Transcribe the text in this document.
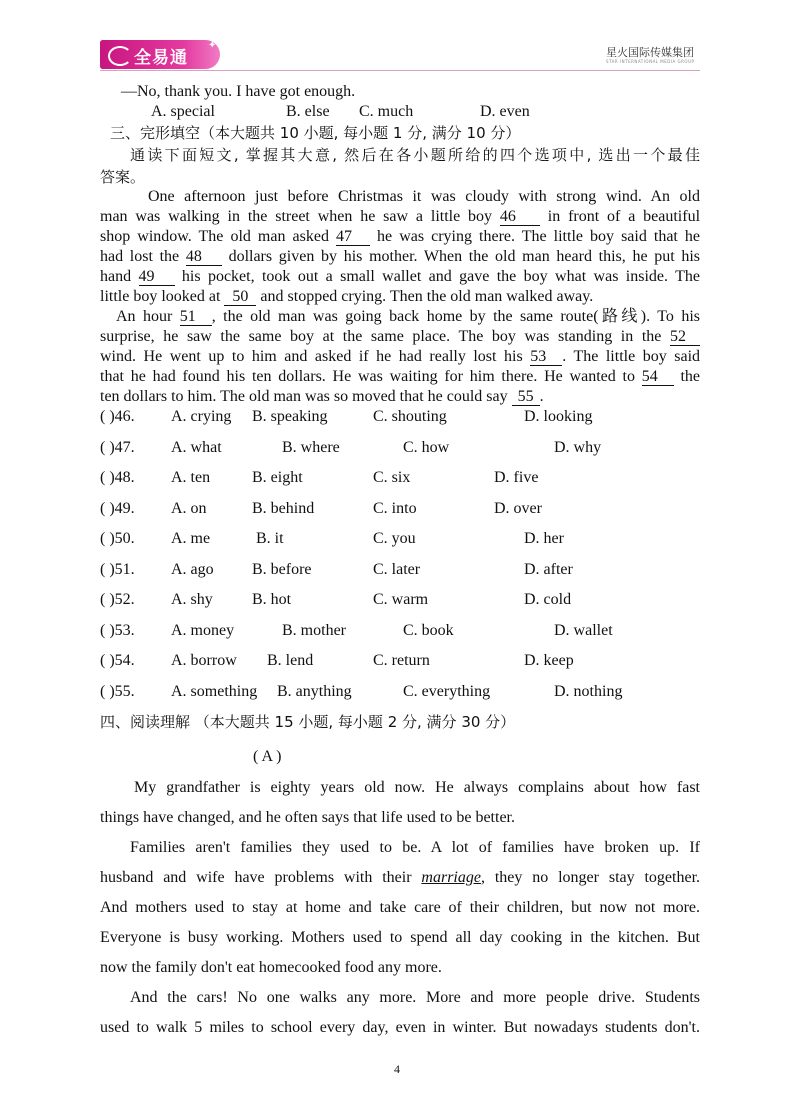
全易通
✦
星火国际传媒集团
STAR INTERNATIONAL MEDIA GROUP
—No, thank you. I have got enough.
A. special	B. else C. much	D. even
三、完形填空（本大题共 10 小题, 每小题 1 分, 满分 10 分）
通读下面短文, 掌握其大意, 然后在各小题所给的四个选项中, 选出一个最佳
答案。
One afternoon just before Christmas it was cloudy with strong wind. An old
man was walking in the street when he saw a little boy 46 in front of a beautiful
shop window. The old man asked 47 he was crying there. The little boy said that he
had lost the 48 dollars given by his mother. When the old man heard this, he put his
hand 49 his pocket, took out a small wallet and gave the boy what was inside. The
little boy looked at 50 and stopped crying. Then the old man walked away.
An hour 51 , the old man was going back home by the same route(路线). To his
surprise, he saw the same boy at the same place. The boy was standing in the 52
wind. He went up to him and asked if he had really lost his 53 . The little boy said
that he had found his ten dollars. He was waiting for him there. He wanted to 54 the
ten dollars to him. The old man was so moved that he could say 55 .
( )46. A. crying B. speaking	C. shouting	D. looking
( )47. A. what	B. where	C. how	D. why
( )48. A. ten	B. eight	C. six	D. five
( )49. A. on	B. behind	C. into	D. over
( )50. A. me	B. it	C. you	D. her
( )51. A. ago B. before	C. later	D. after
( )52. A. shy B. hot	C. warm	D. cold
( )53. A. money	B. mother	C. book	D. wallet
( )54. A. borrow B. lend	C. return	D. keep
( )55. A. something B. anything	C. everything	D. nothing
四、阅读理解 （本大题共 15 小题, 每小题 2 分, 满分 30 分）
( A )
My grandfather is eighty years old now. He always complains about how fast
things have changed, and he often says that life used to be better.
Families aren't families they used to be. A lot of families have broken up. If
husband and wife have problems with their marriage, they no longer stay together.
And mothers used to stay at home and take care of their children, but now not more.
Everyone is busy working. Mothers used to spend all day cooking in the kitchen. But
now the family don't eat homecooked food any more.
And the cars! No one walks any more. More and more people drive. Students
used to walk 5 miles to school every day, even in winter. But nowadays students don't.
4
